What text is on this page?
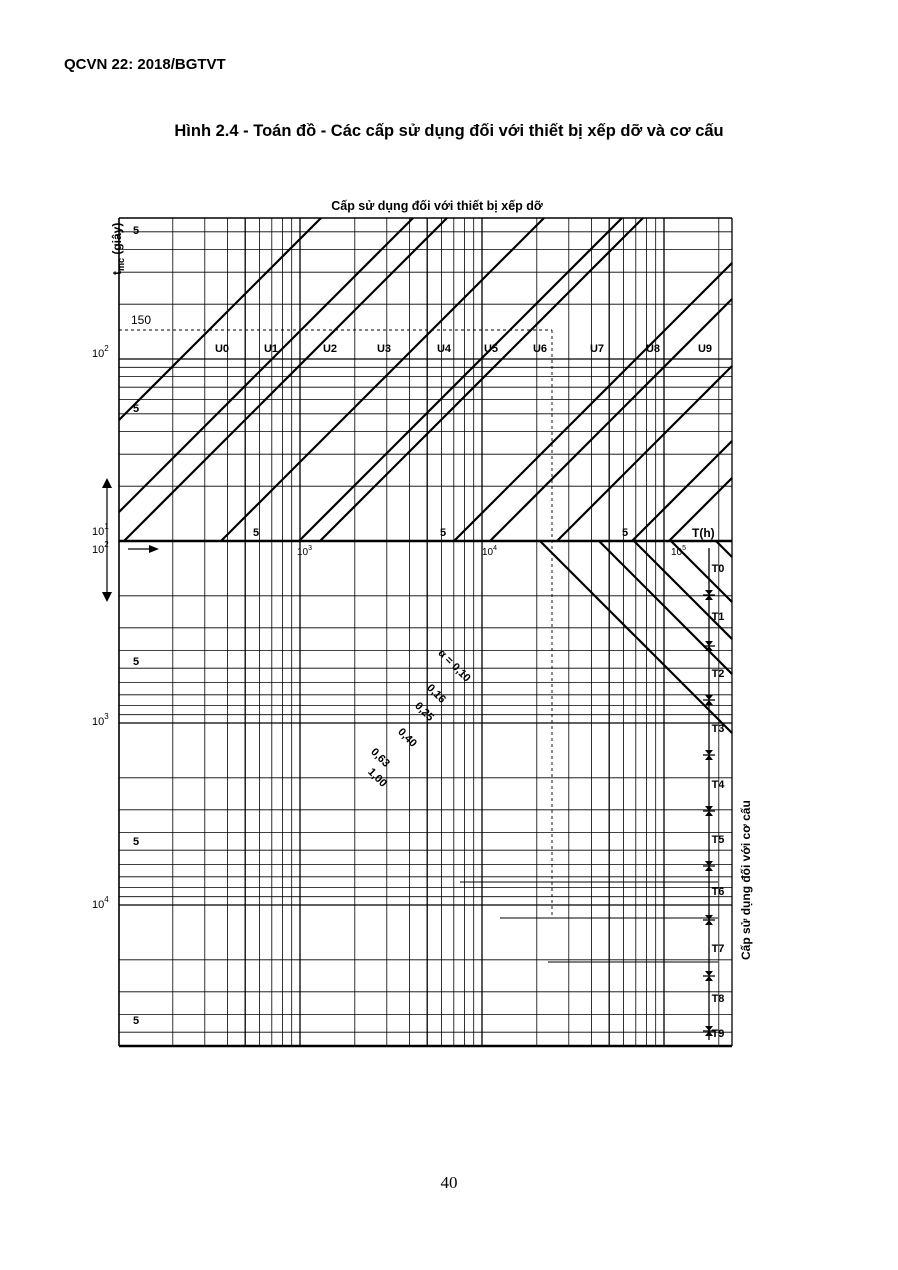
QCVN 22: 2018/BGTVT
Hình 2.4 - Toán đồ - Các cấp sử dụng đối với thiết bị xếp dỡ và cơ cấu
Cấp sử dụng đối với thiết bị xếp dỡ
$t_{mc}$ (giây)
150
5
$10^2$
5
$10^1$
$10^2$
5
$10^3$
5
$10^4$
5
5
$10^3$
5
$10^4$
5
$10^5$
T(h)
Cấp sử dụng đối với cơ cấu
U0	U1	U2	U3	U4	U5	U6	U7	U8	U9
T0
T1
T2
T3
T4
T5
T6
T7
T8
T9
α = 0,10
0,16
0,25
0,40
0,63
1,00
40
